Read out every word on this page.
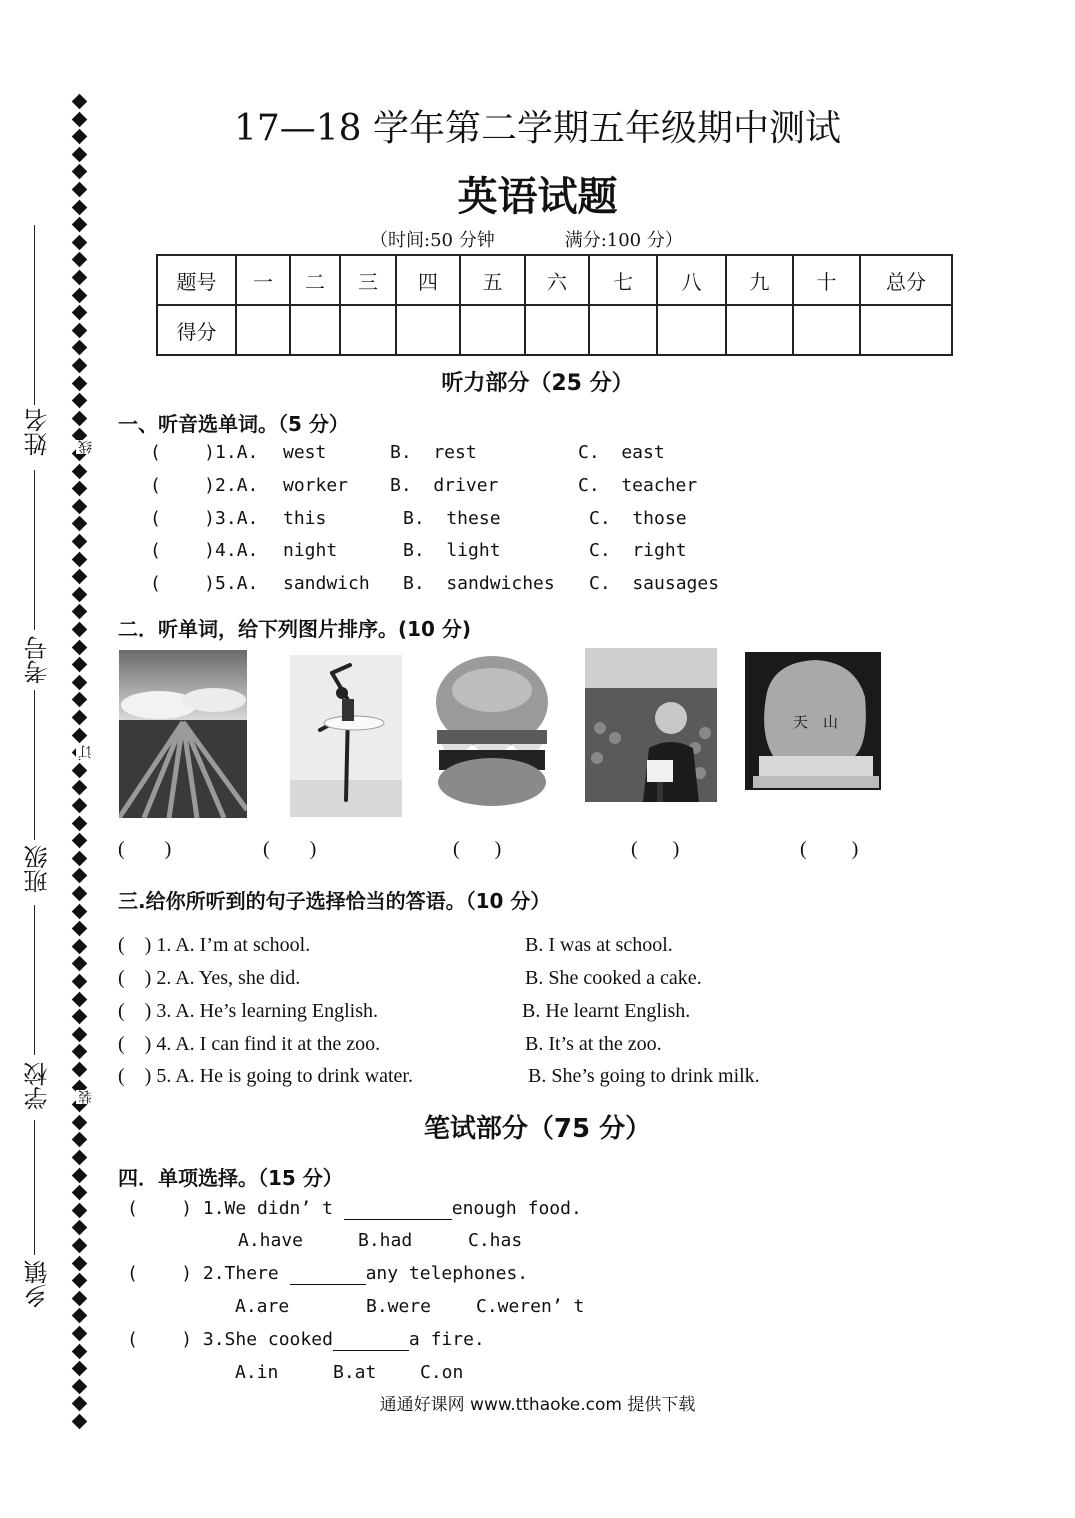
姓名
考号
班级
学校
乡镇
线
订
装
17—18 学年第二学期五年级期中测试
英语试题
（时间:50 分钟	满分:100 分）
题号	一	二	三	四	五	六	七	八	九	十	总分
得分											
听力部分（25 分）
一、听音选单词。（5 分）
(    )1.A. west	B.  rest	C.  east
(    )2.A. worker B.  driver	C.  teacher
(    )3.A. this	B.  these	C.  those
(    )4.A. night	B.  light	C.  right
(    )5.A. sandwich B.  sandwiches C.  sausages
二．听单词，给下列图片排序。(10 分)
天　山
(        )	(        )	(       )	(       )	(         )
三.给你所听到的句子选择恰当的答语。（10 分）
(    ) 1. A. I’m at school.	B. I was at school.
(    ) 2. A. Yes, she did.	B. She cooked a cake.
(    ) 3. A. He’s learning English.	B. He learnt English.
(    ) 4. A. I can find it at the zoo.	B. It’s at the zoo.
(    ) 5. A. He is going to drink water.	B. She’s going to drink milk.
笔试部分（75 分）
四．单项选择。（15 分）
(    ) 1.We didn’ t	enough food.
A.have	B.had	C.has
(    ) 2.There	any telephones.
A.are	B.were C.weren’ t
(    ) 3.She cooked	a fire.
A.in	B.at C.on
通通好课网 www.tthaoke.com 提供下载
